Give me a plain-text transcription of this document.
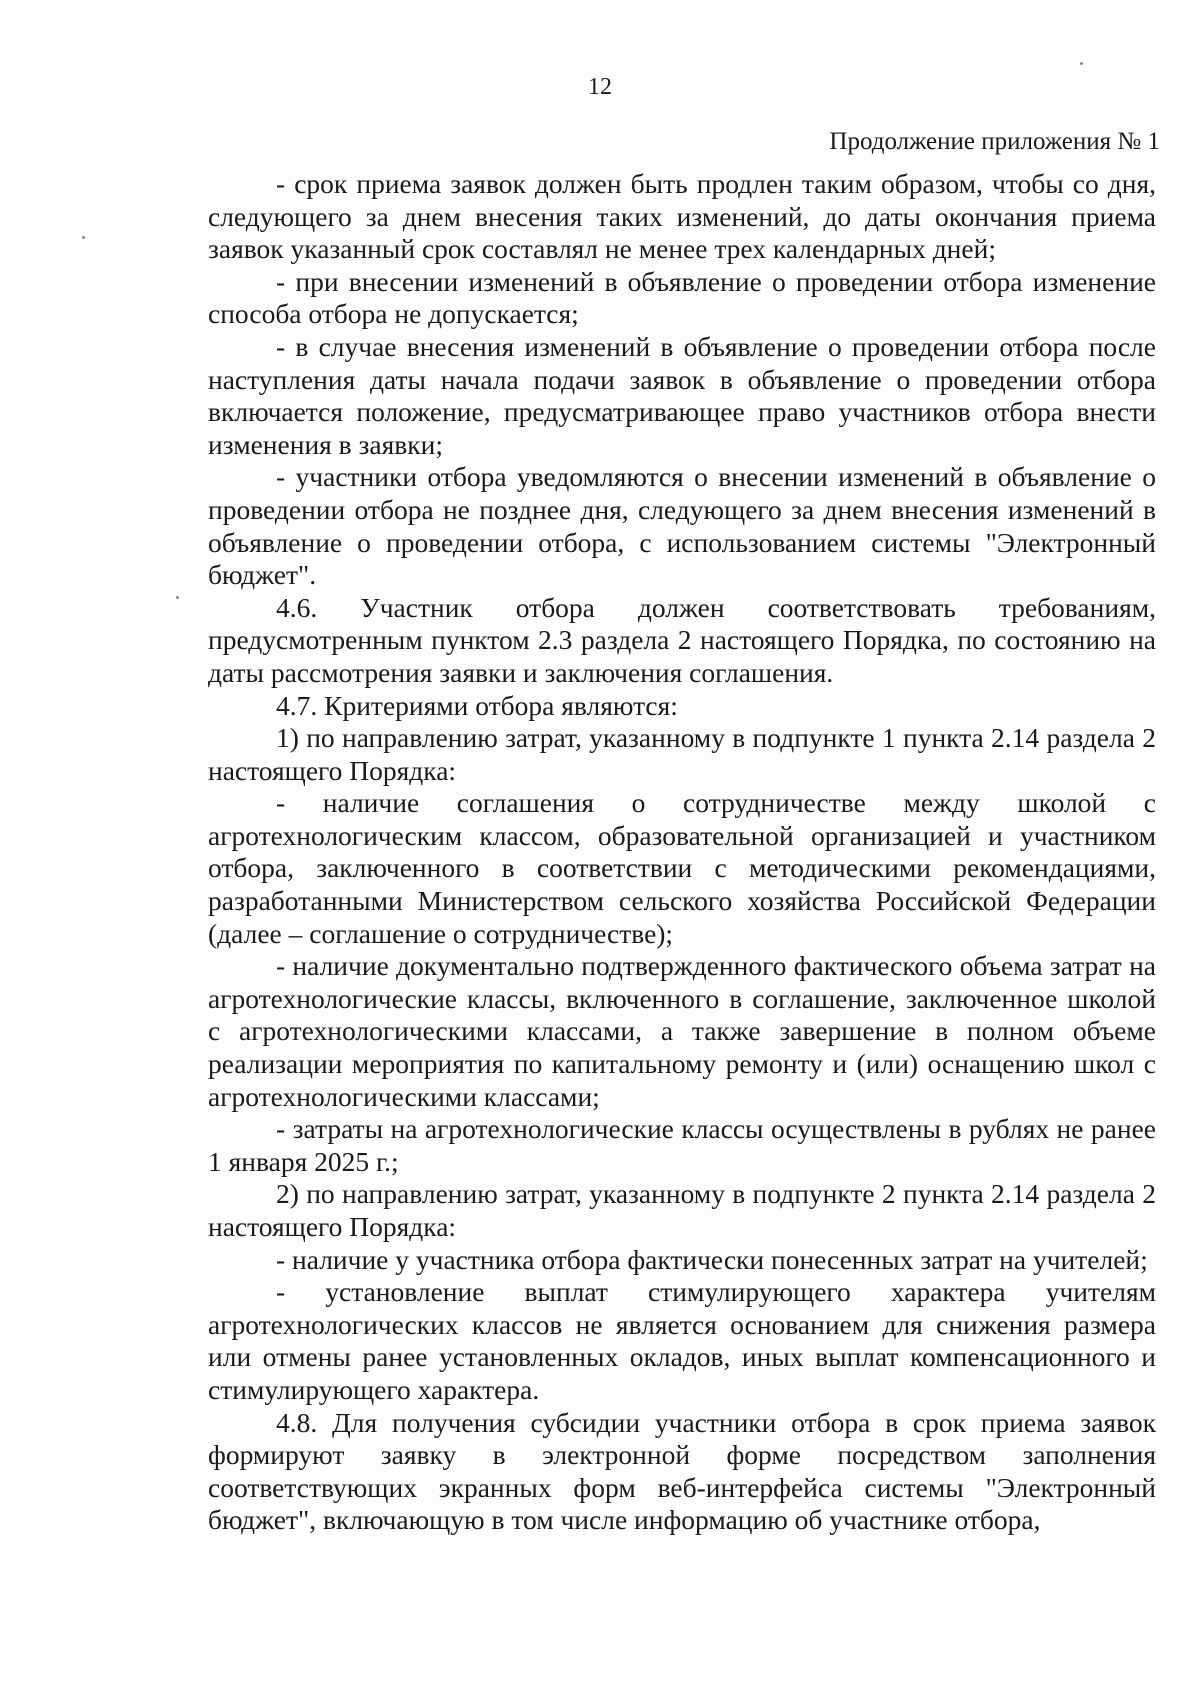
12
Продолжение приложения № 1

- срок приема заявок должен быть продлен таким образом, чтобы со дня, следующего за днем внесения таких изменений, до даты окончания приема заявок указанный срок составлял не менее трех календарных дней;

- при внесении изменений в объявление о проведении отбора изменение способа отбора не допускается;

- в случае внесения изменений в объявление о проведении отбора после наступления даты начала подачи заявок в объявление о проведении отбора включается положение, предусматривающее право участников отбора внести изменения в заявки;

- участники отбора уведомляются о внесении изменений в объявление о проведении отбора не позднее дня, следующего за днем внесения изменений в объявление о проведении отбора, с использованием системы "Электронный бюджет".

4.6. Участник отбора должен соответствовать требованиям, предусмотренным пунктом 2.3 раздела 2 настоящего Порядка, по состоянию на даты рассмотрения заявки и заключения соглашения.

4.7. Критериями отбора являются:

1) по направлению затрат, указанному в подпункте 1 пункта 2.14 раздела 2 настоящего Порядка:

- наличие соглашения о сотрудничестве между школой с агротехнологическим классом, образовательной организацией и участником отбора, заключенного в соответствии с методическими рекомендациями, разработанными Министерством сельского хозяйства Российской Федерации (далее – соглашение о сотрудничестве);

- наличие документально подтвержденного фактического объема затрат на агротехнологические классы, включенного в соглашение, заключенное школой с агротехнологическими классами, а также завершение в полном объеме реализации мероприятия по капитальному ремонту и (или) оснащению школ с агротехнологическими классами;

- затраты на агротехнологические классы осуществлены в рублях не ранее 1 января 2025 г.;

2) по направлению затрат, указанному в подпункте 2 пункта 2.14 раздела 2 настоящего Порядка:

- наличие у участника отбора фактически понесенных затрат на учителей;

- установление выплат стимулирующего характера учителям агротехнологических классов не является основанием для снижения размера или отмены ранее установленных окладов, иных выплат компенсационного и стимулирующего характера.

4.8. Для получения субсидии участники отбора в срок приема заявок формируют заявку в электронной форме посредством заполнения соответствующих экранных форм веб-интерфейса системы "Электронный бюджет", включающую в том числе информацию об участнике отбора,
